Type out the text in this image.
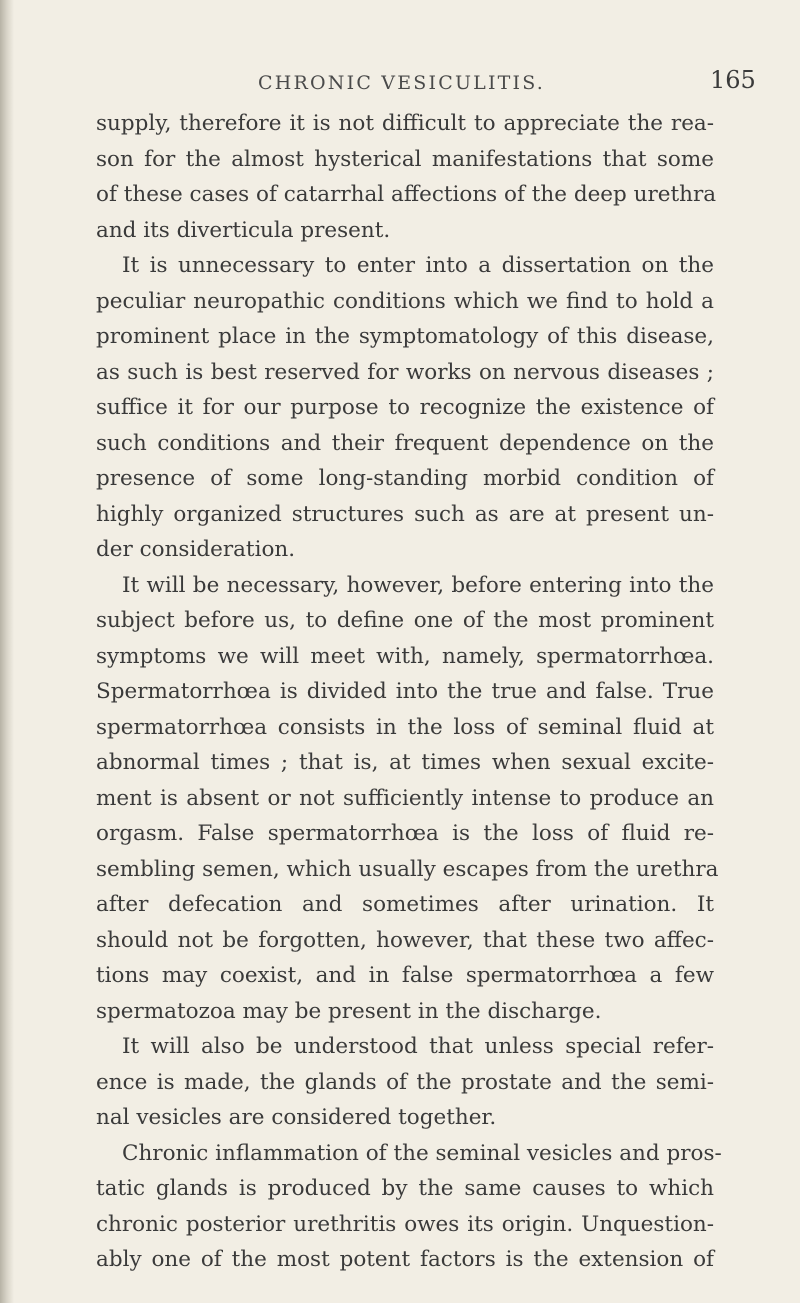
CHRONIC VESICULITIS.	165
supply, therefore it is not difficult to appreciate the rea-
son for the almost hysterical manifestations that some
of these cases of catarrhal affections of the deep urethra
and its diverticula present.
It is unnecessary to enter into a dissertation on the
peculiar neuropathic conditions which we find to hold a
prominent place in the symptomatology of this disease,
as such is best reserved for works on nervous diseases ;
suffice it for our purpose to recognize the existence of
such conditions and their frequent dependence on the
presence of some long-standing morbid condition of
highly organized structures such as are at present un-
der consideration.
It will be necessary, however, before entering into the
subject before us, to define one of the most prominent
symptoms we will meet with, namely, spermatorrhœa.
Spermatorrhœa is divided into the true and false. True
spermatorrhœa consists in the loss of seminal fluid at
abnormal times ; that is, at times when sexual excite-
ment is absent or not sufficiently intense to produce an
orgasm. False spermatorrhœa is the loss of fluid re-
sembling semen, which usually escapes from the urethra
after defecation and sometimes after urination. It
should not be forgotten, however, that these two affec-
tions may coexist, and in false spermatorrhœa a few
spermatozoa may be present in the discharge.
It will also be understood that unless special refer-
ence is made, the glands of the prostate and the semi-
nal vesicles are considered together.
Chronic inflammation of the seminal vesicles and pros-
tatic glands is produced by the same causes to which
chronic posterior urethritis owes its origin. Unquestion-
ably one of the most potent factors is the extension of
